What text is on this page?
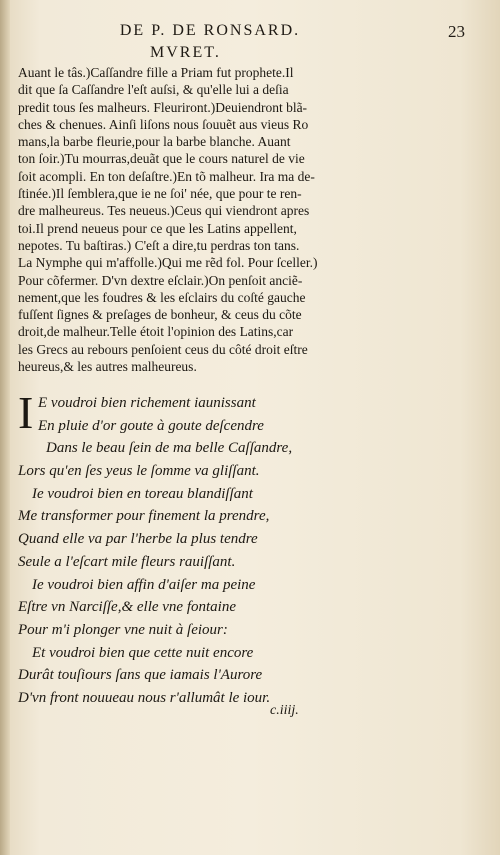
DE P. DE RONSARD.	23
MVRET.
Auant le tâs.)Caſſandre fille a Priam fut prophete.Il
dit que ſa Caſſandre l'eſt auſsi, & qu'elle lui a deſia
predit tous ſes malheurs. Fleuriront.)Deuiendront blã-
ches & chenues. Ainſi liſons nous ſouuẽt aus vieus Ro
mans,la barbe fleurie,pour la barbe blanche. Auant
ton ſoir.)Tu mourras,deuãt que le cours naturel de vie
ſoit acompli. En ton deſaſtre.)En tõ malheur. Ira ma de-
ſtinée.)Il ſemblera,que ie ne ſoi' née, que pour te ren-
dre malheureus. Tes neueus.)Ceus qui viendront apres
toi.Il prend neueus pour ce que les Latins appellent,
nepotes. Tu baſtiras.) C'eſt a dire,tu perdras ton tans.
La Nymphe qui m'affolle.)Qui me rẽd fol. Pour ſceller.)
Pour cõfermer. D'vn dextre eſclair.)On penſoit anciẽ-
nement,que les foudres & les eſclairs du coſté gauche
fuſſent ſignes & preſages de bonheur, & ceus du cõte
droit,de malheur.Telle étoit l'opinion des Latins,car
les Grecs au rebours penſoient ceus du côté droit eſtre
heureus,& les autres malheureus.
I E voudroi bien richement iaunissant
En pluie d'or goute à goute deſcendre
Dans le beau ſein de ma belle Caſſandre,
Lors qu'en ſes yeus le ſomme va gliſſant.
Ie voudroi bien en toreau blandiſſant
Me transformer pour finement la prendre,
Quand elle va par l'herbe la plus tendre
Seule a l'eſcart mile fleurs rauiſſant.
Ie voudroi bien affin d'aiſer ma peine
Eſtre vn Narciſſe,& elle vne fontaine
Pour m'i plonger vne nuit à ſeiour:
Et voudroi bien que cette nuit encore
Durât touſiours ſans que iamais l'Aurore
D'vn front nouueau nous r'allumât le iour.
c.iiij.
